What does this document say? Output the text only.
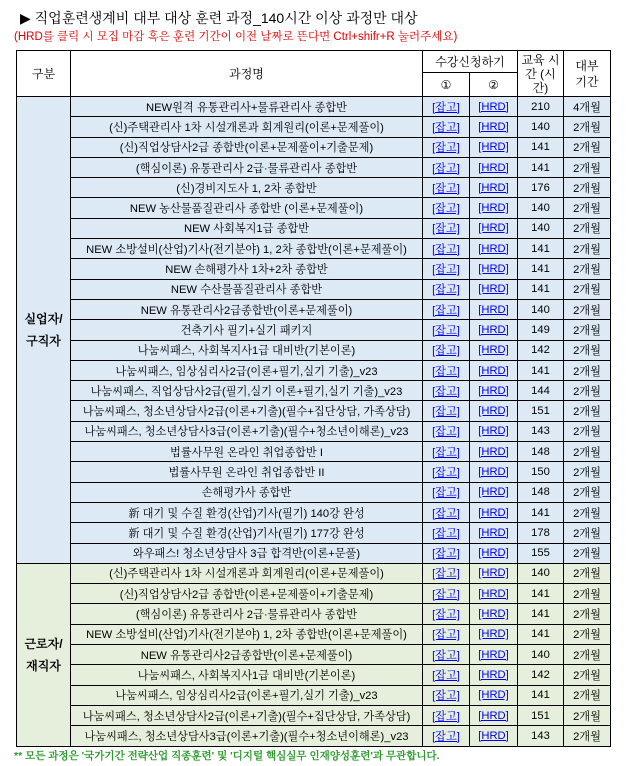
▶ 직업훈련생계비 대부 대상 훈련 과정_140시간 이상 과정만 대상
(HRD를 클릭 시 모집 마감 혹은 훈련 기간이 이전 날짜로 뜬다면 Ctrl+shifr+R 눌러주세요)
구분	과정명	수강신청하기		교육 시간 (시간)	대부 기간
		①	②		
실업자/ 구직자	NEW원격 유통관리사+물류관리사 종합반	[잡고]	[HRD]	210	4개월
	(신)주택관리사 1차 시설개론과 회계원리(이론+문제풀이)	[잡고]	[HRD]	140	2개월
	(신)직업상담사2급 종합반(이론+문제풀이+기출문제)	[잡고]	[HRD]	141	2개월
	(핵심이론) 유통관리사 2급·물류관리사 종합반	[잡고]	[HRD]	141	2개월
	(신)경비지도사 1, 2차 종합반	[잡고]	[HRD]	176	2개월
	NEW 농산물품질관리사 종합반 (이론+문제풀이)	[잡고]	[HRD]	140	2개월
	NEW 사회복지1급 종합반	[잡고]	[HRD]	140	2개월
	NEW 소방설비(산업)기사(전기분야) 1, 2차 종합반(이론+문제풀이)	[잡고]	[HRD]	141	2개월
	NEW 손해평가사 1차+2차 종합반	[잡고]	[HRD]	141	2개월
	NEW 수산물품질관리사 종합반	[잡고]	[HRD]	141	2개월
	NEW 유통관리사2급종합반(이론+문제풀이)	[잡고]	[HRD]	140	2개월
	건축기사 필기+실기 패키지	[잡고]	[HRD]	149	2개월
	나눔씨패스, 사회복지사1급 대비반(기본이론)	[잡고]	[HRD]	142	2개월
	나눔씨패스, 임상심리사2급(이론+필기,실기 기출)_v23	[잡고]	[HRD]	141	2개월
	나눔씨패스, 직업상담사2급(필기,실기 이론+필기,실기 기출)_v23	[잡고]	[HRD]	144	2개월
	나눔씨패스, 청소년상담사2급(이론+기출)(필수+집단상담, 가족상담)	[잡고]	[HRD]	151	2개월
	나눔씨패스, 청소년상담사3급(이론+기출)(필수+청소년이해론)_v23	[잡고]	[HRD]	143	2개월
	법률사무원 온라인 취업종합반 I	[잡고]	[HRD]	148	2개월
	법률사무원 온라인 취업종합반 II	[잡고]	[HRD]	150	2개월
	손해평가사 종합반	[잡고]	[HRD]	148	2개월
	新 대기 및 수질 환경(산업)기사(필기) 140강 완성	[잡고]	[HRD]	141	2개월
	新 대기 및 수질 환경(산업)기사(필기) 177강 완성	[잡고]	[HRD]	178	2개월
	와우패스! 청소년상담사 3급 합격반(이론+문풀)	[잡고]	[HRD]	155	2개월
근로자/ 재직자	(신)주택관리사 1차 시설개론과 회계원리(이론+문제풀이)	[잡고]	[HRD]	140	2개월
	(신)직업상담사2급 종합반(이론+문제풀이+기출문제)	[잡고]	[HRD]	141	2개월
	(핵심이론) 유통관리사 2급·물류관리사 종합반	[잡고]	[HRD]	141	2개월
	NEW 소방설비(산업)기사(전기분야) 1, 2차 종합반(이론+문제풀이)	[잡고]	[HRD]	141	2개월
	NEW 유통관리사2급종합반(이론+문제풀이)	[잡고]	[HRD]	140	2개월
	나눔씨패스, 사회복지사1급 대비반(기본이론)	[잡고]	[HRD]	142	2개월
	나눔씨패스, 임상심리사2급(이론+필기,실기 기출)_v23	[잡고]	[HRD]	141	2개월
	나눔씨패스, 청소년상담사2급(이론+기출)(필수+집단상담, 가족상담)	[잡고]	[HRD]	151	2개월
	나눔씨패스, 청소년상담사3급(이론+기출)(필수+청소년이해론)_v23	[잡고]	[HRD]	143	2개월
** 모든 과정은 '국가기간 전략산업 직종훈련' 및 '디지털 핵심실무 인재양성훈련'과 무관합니다.
